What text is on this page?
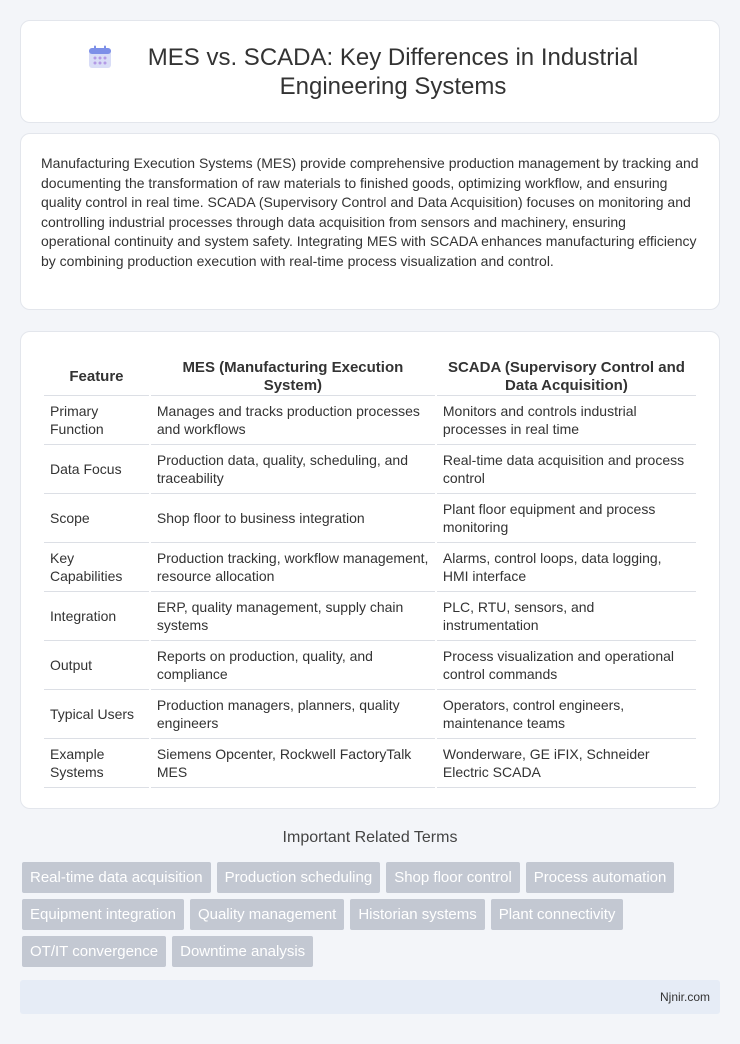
MES vs. SCADA: Key Differences in Industrial Engineering Systems

Manufacturing Execution Systems (MES) provide comprehensive production management by tracking and documenting the transformation of raw materials to finished goods, optimizing workflow, and ensuring quality control in real time. SCADA (Supervisory Control and Data Acquisition) focuses on monitoring and controlling industrial processes through data acquisition from sensors and machinery, ensuring operational continuity and system safety. Integrating MES with SCADA enhances manufacturing efficiency by combining production execution with real-time process visualization and control.

Feature	MES (Manufacturing Execution System)	SCADA (Supervisory Control and Data Acquisition)
Primary Function	Manages and tracks production processes and workflows	Monitors and controls industrial processes in real time
Data Focus	Production data, quality, scheduling, and traceability	Real-time data acquisition and process control
Scope	Shop floor to business integration	Plant floor equipment and process monitoring
Key Capabilities	Production tracking, workflow management, resource allocation	Alarms, control loops, data logging, HMI interface
Integration	ERP, quality management, supply chain systems	PLC, RTU, sensors, and instrumentation
Output	Reports on production, quality, and compliance	Process visualization and operational control commands
Typical Users	Production managers, planners, quality engineers	Operators, control engineers, maintenance teams
Example Systems	Siemens Opcenter, Rockwell FactoryTalk MES	Wonderware, GE iFIX, Schneider Electric SCADA
Important Related Terms
Real-time data acquisition	Production scheduling	Shop floor control	Process automation
Equipment integration	Quality management	Historian systems	Plant connectivity
OT/IT convergence	Downtime analysis
Njnir.com
